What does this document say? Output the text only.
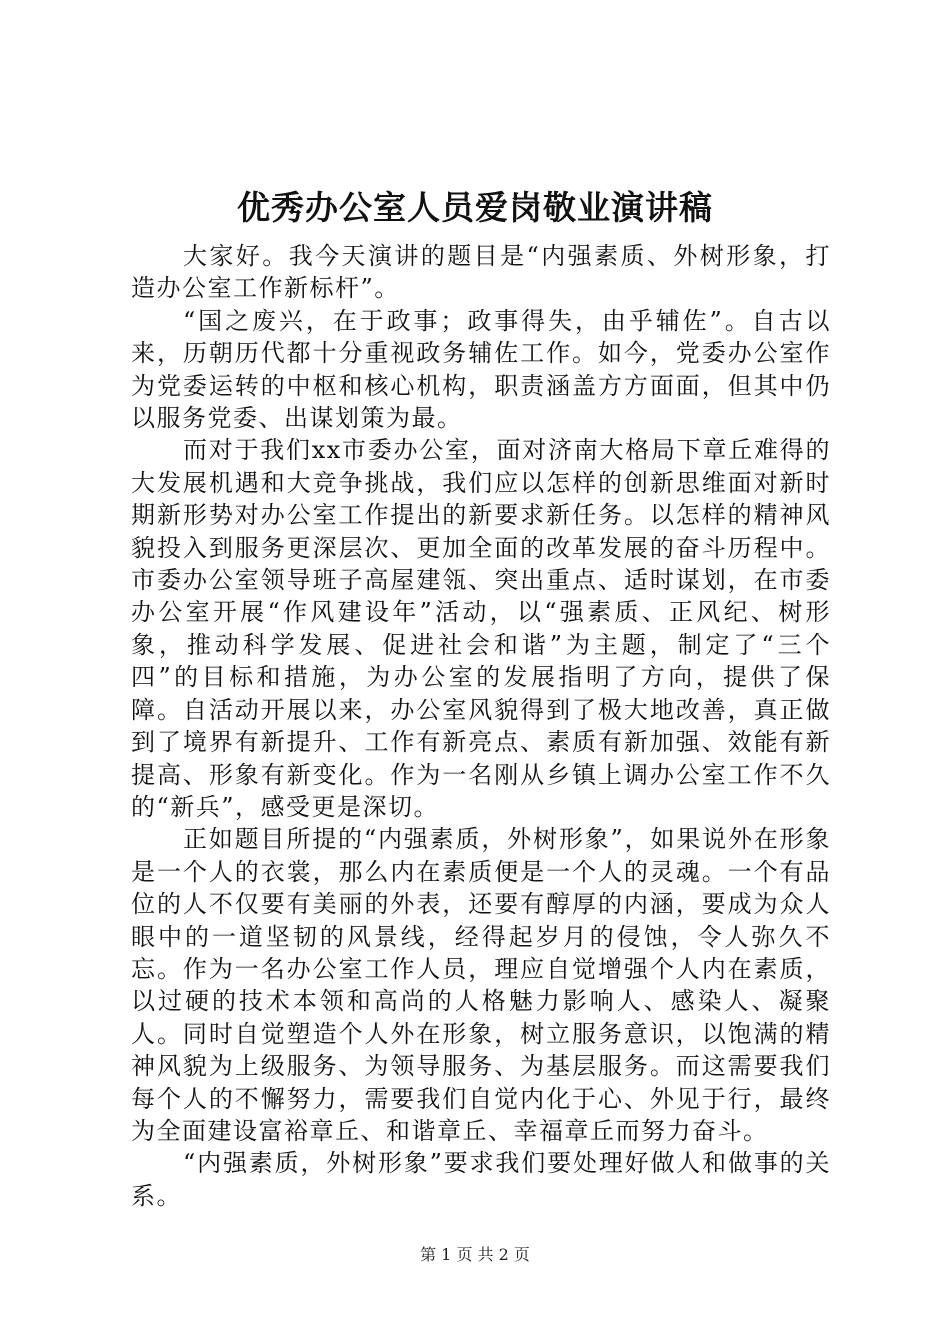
优秀办公室人员爱岗敬业演讲稿

大家好。我今天演讲的题目是“内强素质、外树形象，打造办公室工作新标杆”。

“国之废兴，在于政事；政事得失，由乎辅佐”。自古以来，历朝历代都十分重视政务辅佐工作。如今，党委办公室作为党委运转的中枢和核心机构，职责涵盖方方面面，但其中仍以服务党委、出谋划策为最。

而对于我们xx市委办公室，面对济南大格局下章丘难得的大发展机遇和大竞争挑战，我们应以怎样的创新思维面对新时期新形势对办公室工作提出的新要求新任务。以怎样的精神风貌投入到服务更深层次、更加全面的改革发展的奋斗历程中。市委办公室领导班子高屋建瓴、突出重点、适时谋划，在市委办公室开展“作风建设年”活动，以“强素质、正风纪、树形象，推动科学发展、促进社会和谐”为主题，制定了“三个四”的目标和措施，为办公室的发展指明了方向，提供了保障。自活动开展以来，办公室风貌得到了极大地改善，真正做到了境界有新提升、工作有新亮点、素质有新加强、效能有新提高、形象有新变化。作为一名刚从乡镇上调办公室工作不久的“新兵”，感受更是深切。

正如题目所提的“内强素质，外树形象”，如果说外在形象是一个人的衣裳，那么内在素质便是一个人的灵魂。一个有品位的人不仅要有美丽的外表，还要有醇厚的内涵，要成为众人眼中的一道坚韧的风景线，经得起岁月的侵蚀，令人弥久不忘。作为一名办公室工作人员，理应自觉增强个人内在素质，以过硬的技术本领和高尚的人格魅力影响人、感染人、凝聚人。同时自觉塑造个人外在形象，树立服务意识，以饱满的精神风貌为上级服务、为领导服务、为基层服务。而这需要我们每个人的不懈努力，需要我们自觉内化于心、外见于行，最终为全面建设富裕章丘、和谐章丘、幸福章丘而努力奋斗。

“内强素质，外树形象”要求我们要处理好做人和做事的关系。

第 1 页 共 2 页
